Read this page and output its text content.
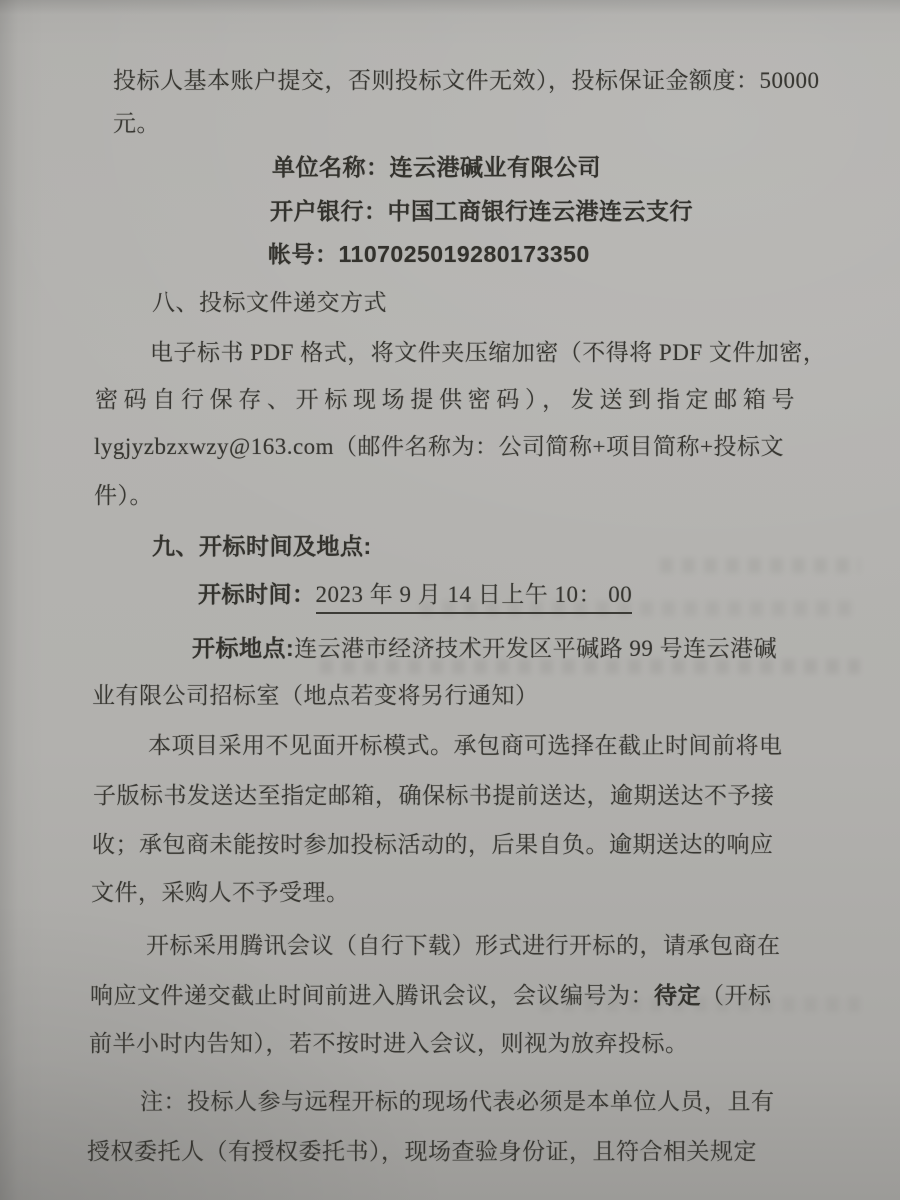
投标人基本账户提交，否则投标文件无效），投标保证金额度：50000
元。
单位名称：连云港碱业有限公司
开户银行：中国工商银行连云港连云支行
帐号：1107025019280173350
八、投标文件递交方式
电子标书 PDF 格式，将文件夹压缩加密（不得将 PDF 文件加密，
密码自行保存、开标现场提供密码），发送到指定邮箱号
lygjyzbzxwzy@163.com（邮件名称为：公司简称+项目简称+投标文
件）。
九、开标时间及地点:
开标时间：2023 年 9 月 14 日上午 10： 00
开标地点:连云港市经济技术开发区平碱路 99 号连云港碱
业有限公司招标室（地点若变将另行通知）
本项目采用不见面开标模式。承包商可选择在截止时间前将电
子版标书发送达至指定邮箱，确保标书提前送达，逾期送达不予接
收；承包商未能按时参加投标活动的，后果自负。逾期送达的响应
文件，采购人不予受理。
开标采用腾讯会议（自行下载）形式进行开标的，请承包商在
响应文件递交截止时间前进入腾讯会议，会议编号为：待定（开标
前半小时内告知），若不按时进入会议，则视为放弃投标。
注：投标人参与远程开标的现场代表必须是本单位人员，且有
授权委托人（有授权委托书），现场查验身份证，且符合相关规定
